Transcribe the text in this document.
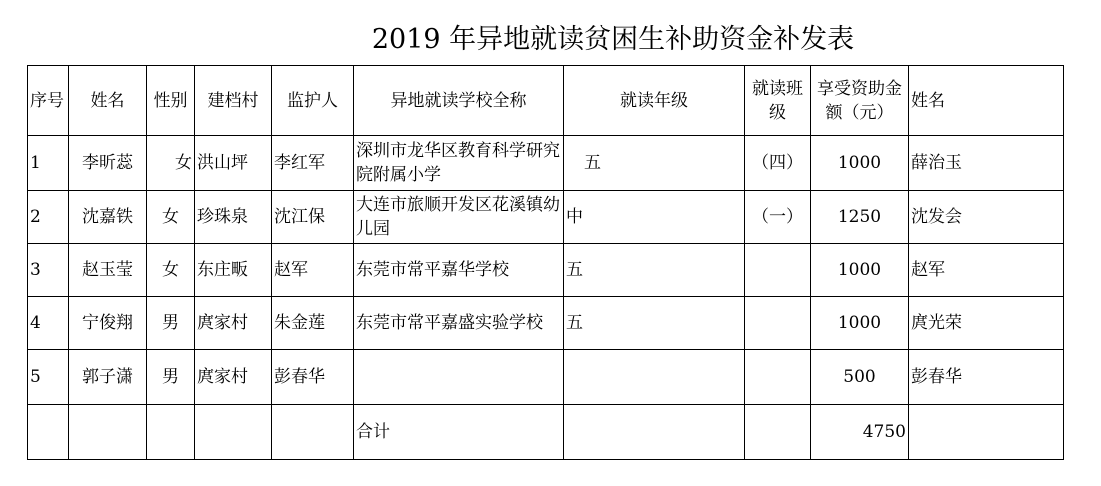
2019 年异地就读贫困生补助资金补发表
序号	姓名	性别	建档村	监护人	异地就读学校全称	就读年级	就读班级	享受资助金额（元）	姓名
1	李昕蕊	女	洪山坪	李红军	深圳市龙华区教育科学研究院附属小学	五	（四）	1000	薛治玉
2	沈嘉铁	女	珍珠泉	沈江保	大连市旅顺开发区花溪镇幼儿园	中	（一）	1250	沈发会
3	赵玉莹	女	东庄畈	赵军	东莞市常平嘉华学校	五		1000	赵军
4	宁俊翔	男	庹家村	朱金莲	东莞市常平嘉盛实验学校	五		1000	庹光荣
5	郭子潇	男	庹家村	彭春华				500	彭春华
					合计			4750	
